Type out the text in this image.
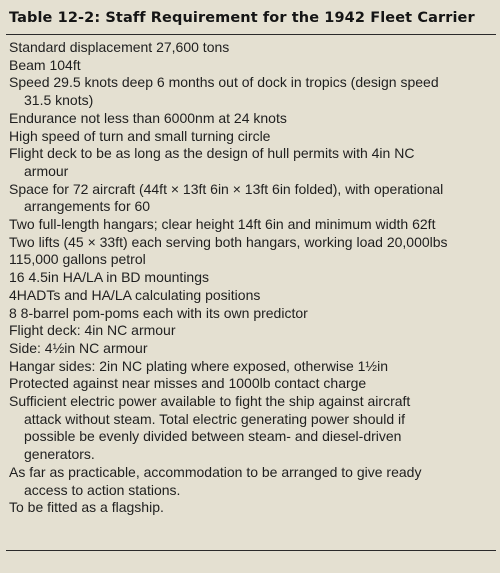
Table 12-2: Staff Requirement for the 1942 Fleet Carrier
Standard displacement 27,600 tons
Beam 104ft
Speed 29.5 knots deep 6 months out of dock in tropics (design speed
31.5 knots)
Endurance not less than 6000nm at 24 knots
High speed of turn and small turning circle
Flight deck to be as long as the design of hull permits with 4in NC
armour
Space for 72 aircraft (44ft × 13ft 6in × 13ft 6in folded), with operational
arrangements for 60
Two full-length hangars; clear height 14ft 6in and minimum width 62ft
Two lifts (45 × 33ft) each serving both hangars, working load 20,000lbs
115,000 gallons petrol
16 4.5in HA/LA in BD mountings
4HADTs and HA/LA calculating positions
8 8-barrel pom-poms each with its own predictor
Flight deck: 4in NC armour
Side: 4½in NC armour
Hangar sides: 2in NC plating where exposed, otherwise 1½in
Protected against near misses and 1000lb contact charge
Sufficient electric power available to fight the ship against aircraft
attack without steam. Total electric generating power should if
possible be evenly divided between steam- and diesel-driven
generators.
As far as practicable, accommodation to be arranged to give ready
access to action stations.
To be fitted as a flagship.
